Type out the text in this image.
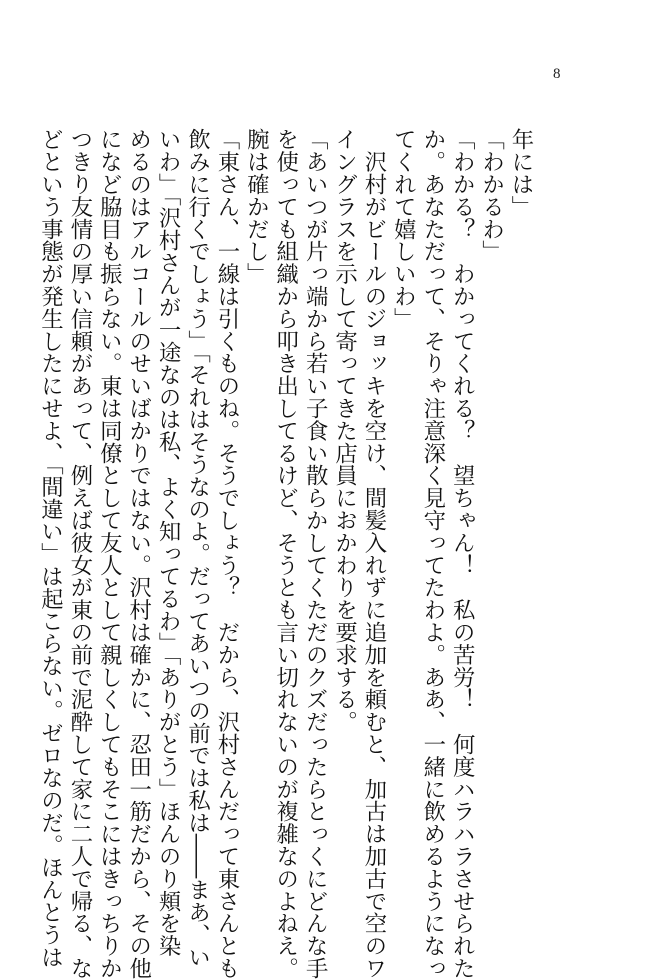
8
年には」
「わかるわ」
「わかる？　わかってくれる？　望ちゃん！　私の苦労！　何度ハラハラさせられた
か。あなただって、そりゃ注意深く見守ってたわよ。ああ、一緒に飲めるようになっ
てくれて嬉しいわ」
　沢村がビールのジョッキを空け、間髪入れずに追加を頼むと、加古は加古で空のワ
イングラスを示して寄ってきた店員におかわりを要求する。
「あいつが片っ端から若い子食い散らかしてくただのクズだったらとっくにどんな手
を使っても組織から叩き出してるけど、そうとも言い切れないのが複雑なのよねえ。
腕は確かだし」
「東さん、一線は引くものね。そうでしょう？　だから、沢村さんだって東さんとも
飲みに行くでしょう」「それはそうなのよ。だってあいつの前では私は――まあ、い
いわ」「沢村さんが一途なのは私、よく知ってるわ」「ありがとう」ほんのり頬を染
めるのはアルコールのせいばかりではない。沢村は確かに、忍田一筋だから、その他
になど脇目も振らない。東は同僚として友人として親しくしてもそこにはきっちりか
つきり友情の厚い信頼があって、例えば彼女が東の前で泥酔して家に二人で帰る、な
どという事態が発生したにせよ、「間違い」は起こらない。ゼロなのだ。ほんとうは
